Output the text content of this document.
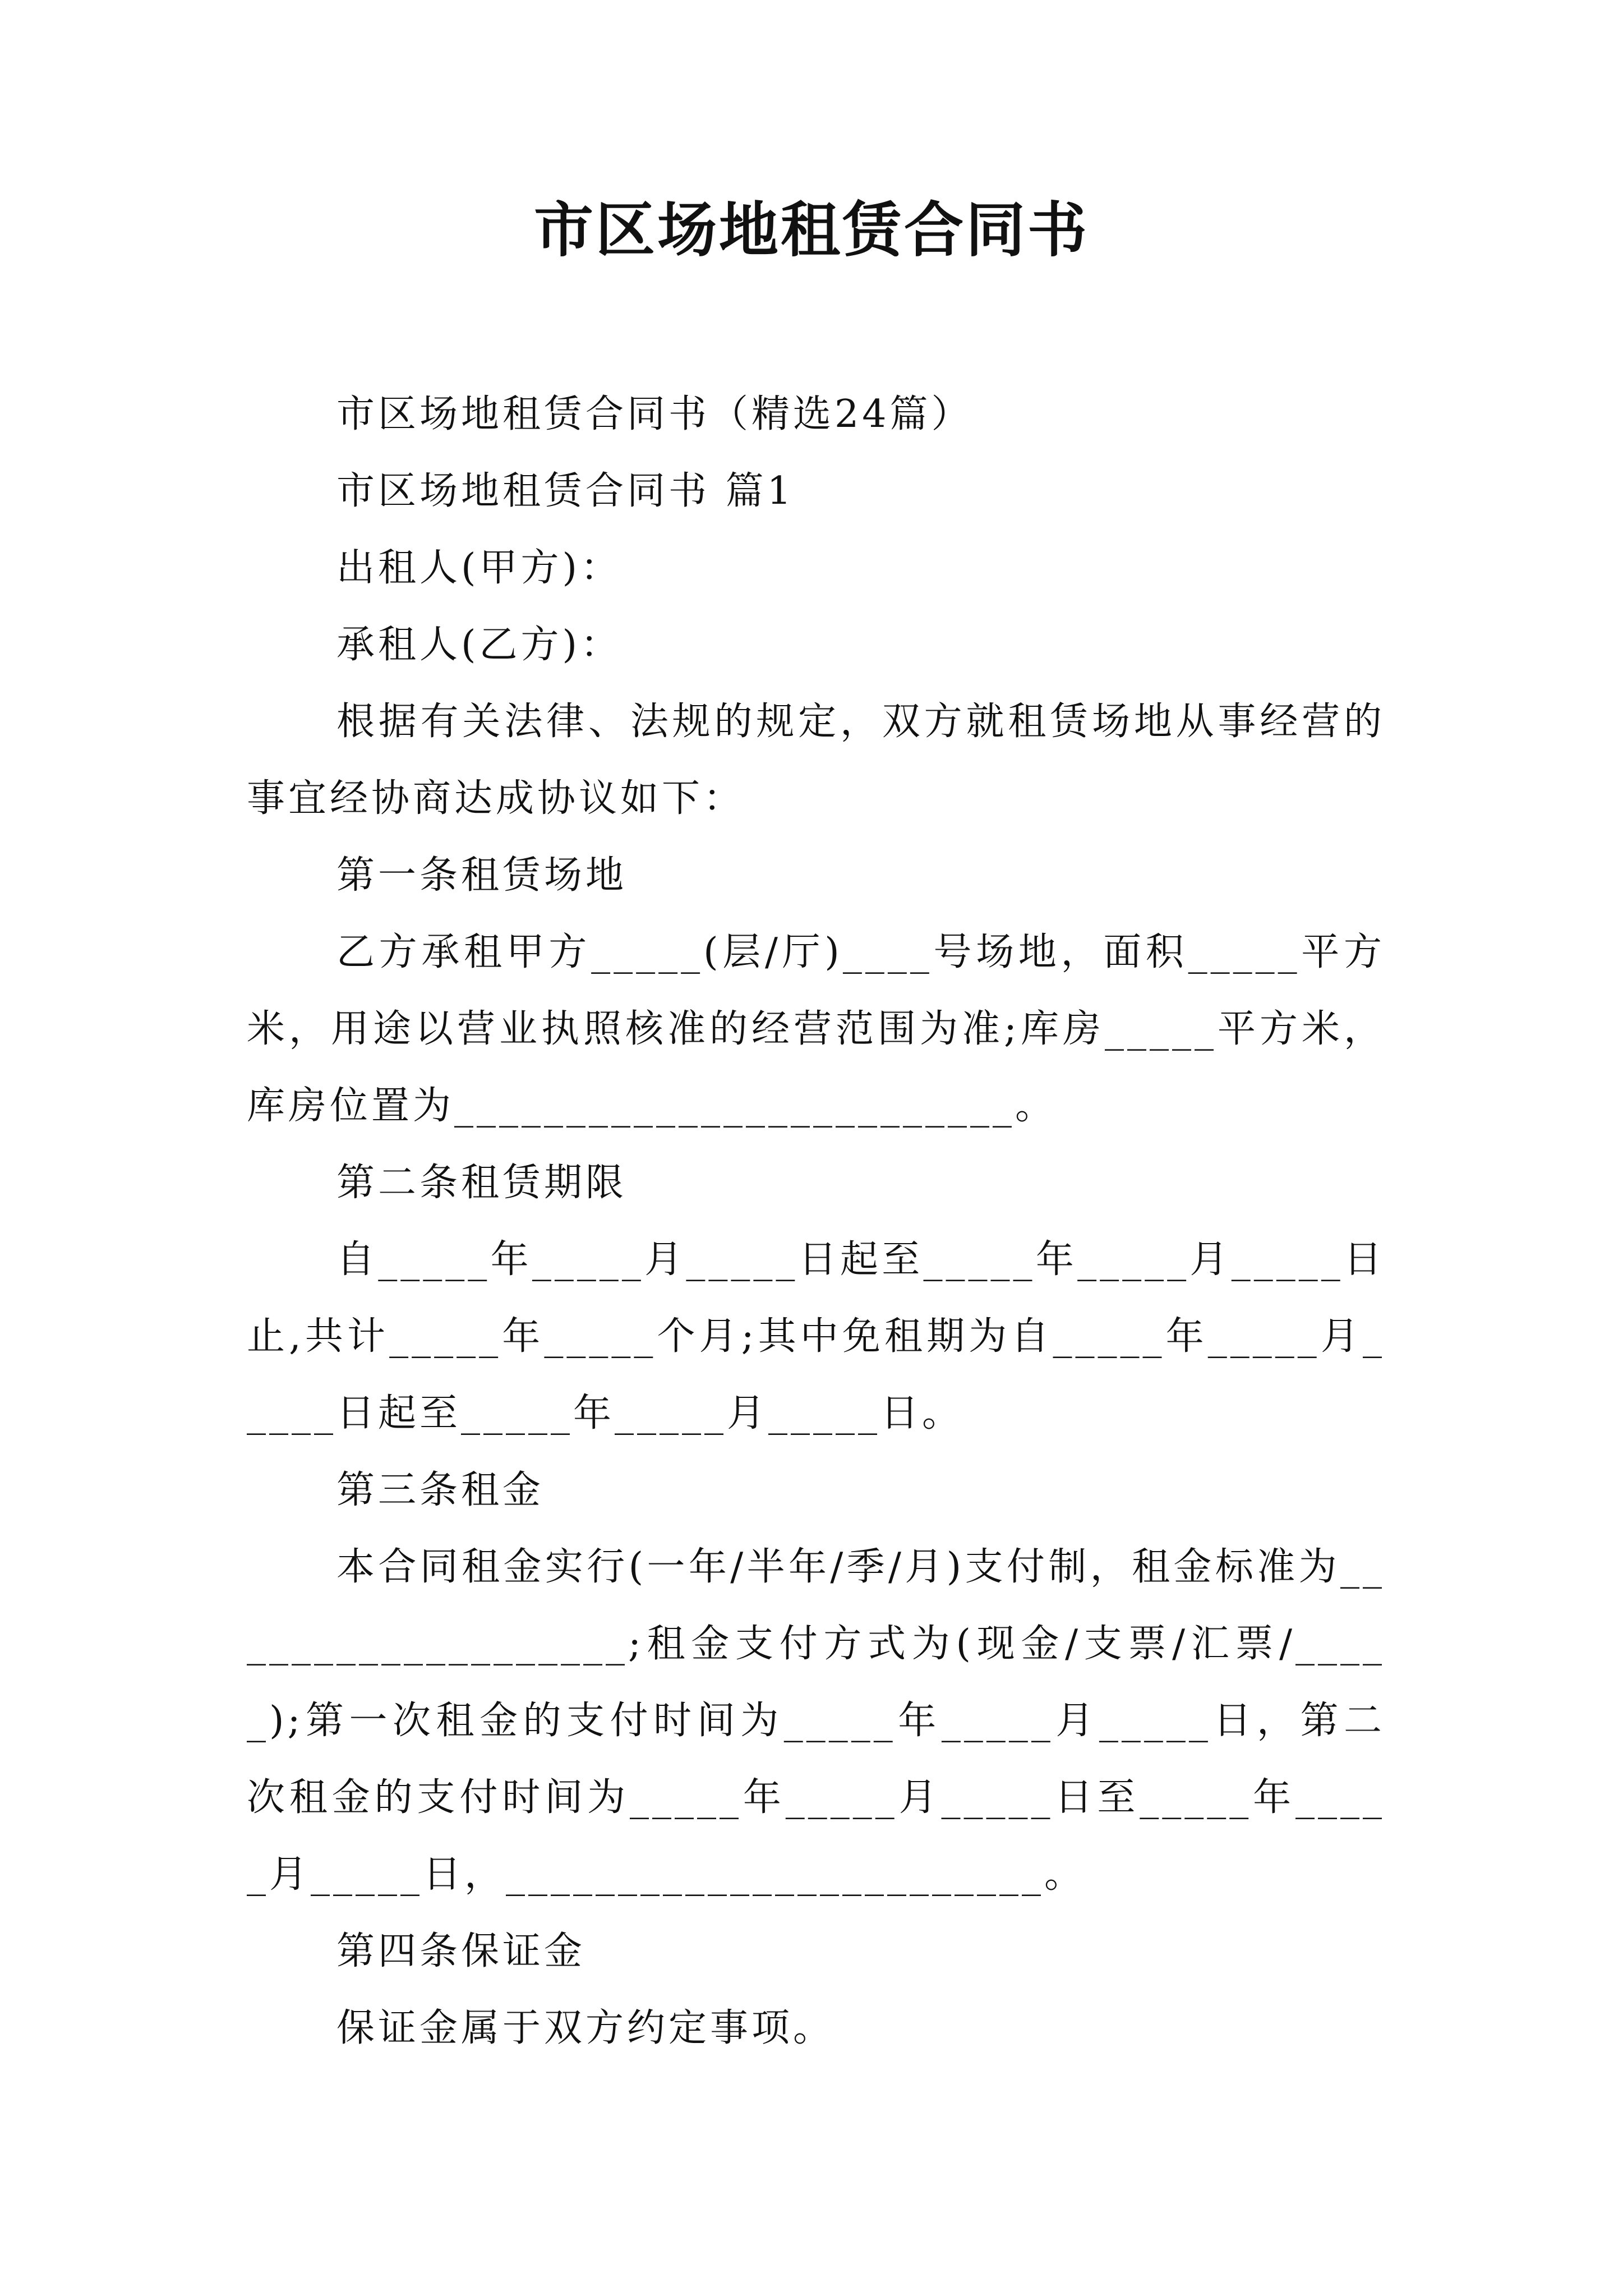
市区场地租赁合同书

市区场地租赁合同书（精选24篇）

市区场地租赁合同书 篇1

出租人(甲方)：

承租人(乙方)：

根据有关法律、法规的规定，双方就租赁场地从事经营的事宜经协商达成协议如下：

第一条租赁场地

乙方承租甲方_____(层/厅)____号场地，面积_____平方米，用途以营业执照核准的经营范围为准;库房_____平方米，库房位置为_________________________。

第二条租赁期限

自_____年_____月_____日起至_____年_____月_____日止,共计_____年_____个月;其中免租期为自_____年_____月_____日起至_____年_____月_____日。

第三条租金

本合同租金实行(一年/半年/季/月)支付制，租金标准为___________________;租金支付方式为(现金/支票/汇票/_____);第一次租金的支付时间为_____年_____月_____日，第二次租金的支付时间为_____年_____月_____日至_____年_____月_____日，________________________。

第四条保证金

保证金属于双方约定事项。
